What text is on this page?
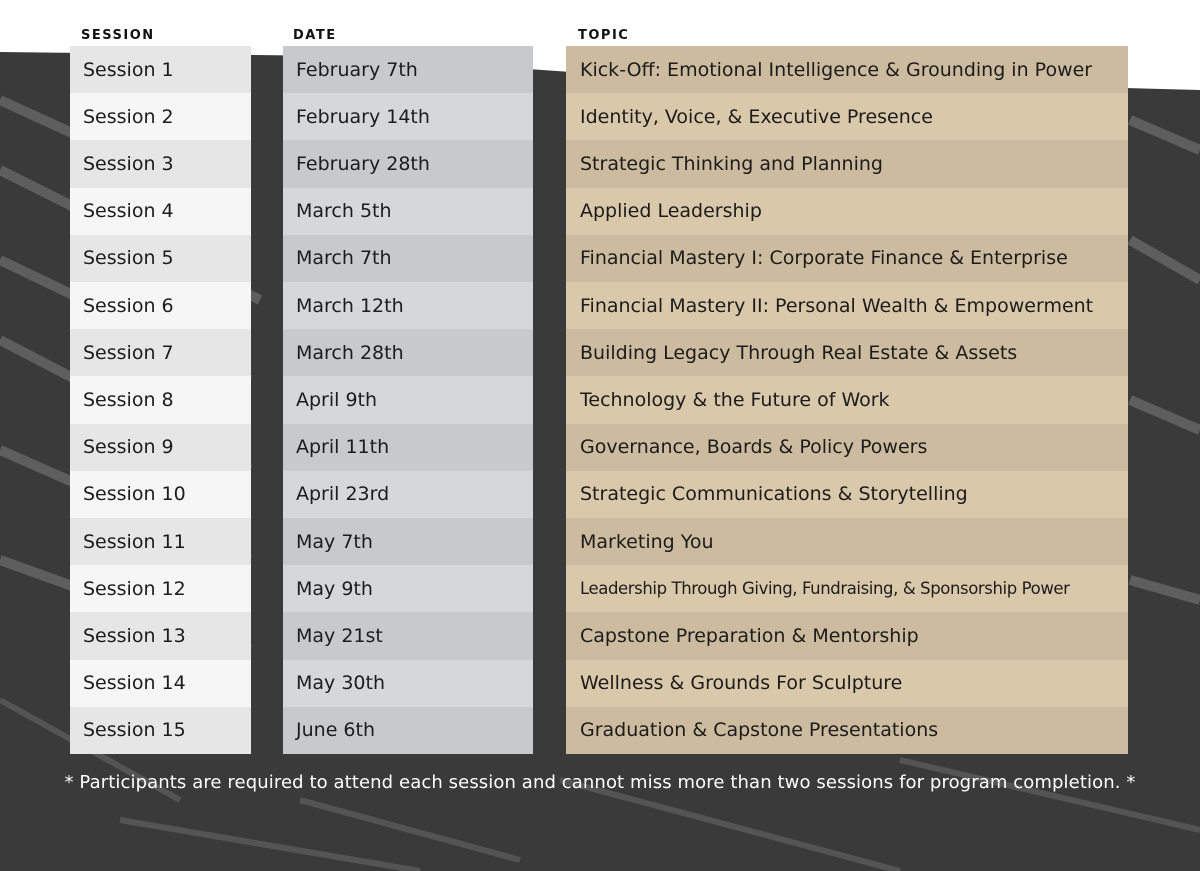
SESSION	DATE	TOPIC
Session 1
Session 2
Session 3
Session 4
Session 5
Session 6
Session 7
Session 8
Session 9
Session 10
Session 11
Session 12
Session 13
Session 14
Session 15
February 7th
February 14th
February 28th
March 5th
March 7th
March 12th
March 28th
April 9th
April 11th
April 23rd
May 7th
May 9th
May 21st
May 30th
June 6th
Kick-Off: Emotional Intelligence & Grounding in Power
Identity, Voice, & Executive Presence
Strategic Thinking and Planning
Applied Leadership
Financial Mastery I: Corporate Finance & Enterprise
Financial Mastery II: Personal Wealth & Empowerment
Building Legacy Through Real Estate & Assets
Technology & the Future of Work
Governance, Boards & Policy Powers
Strategic Communications & Storytelling
Marketing You
Leadership Through Giving, Fundraising, & Sponsorship Power
Capstone Preparation & Mentorship
Wellness & Grounds For Sculpture
Graduation & Capstone Presentations
* Participants are required to attend each session and cannot miss more than two sessions for program completion. *
